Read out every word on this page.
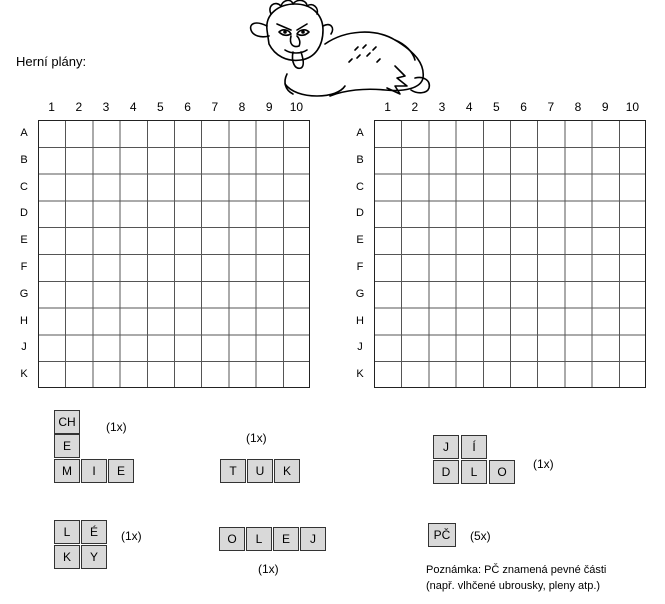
Herní plány:
1	2	3	4	5	6	7	8	9	10
A
B
C
D
E
F
G
H
J
K
1	2	3	4	5	6	7	8	9	10
A
B
C
D
E
F
G
H
J
K
CH
E
M	I	E
(1x)
(1x)
T	U	K
J	Í
D	L	O
(1x)
L	É
K	Y
(1x)	O	L	E	J
(1x)
PČ	(5x)
Poznámka: PČ znamená pevné části
(např. vlhčené ubrousky, pleny atp.)
